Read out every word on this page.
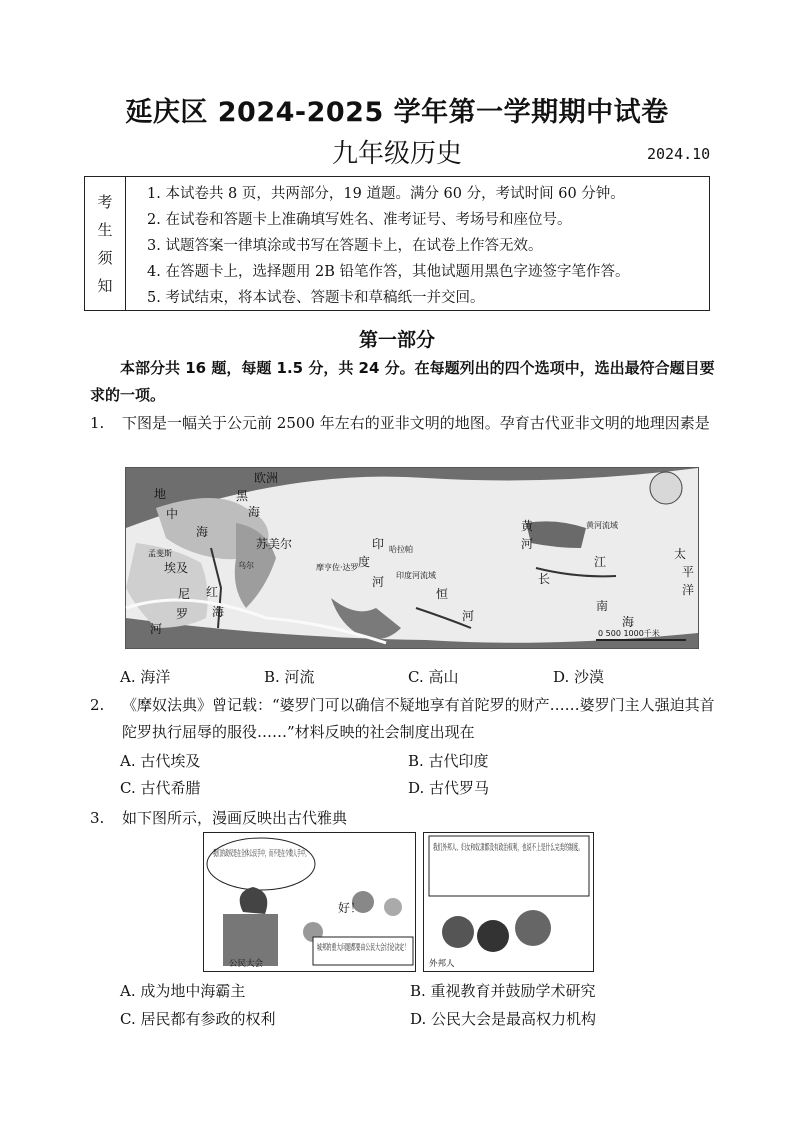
延庆区 2024-2025 学年第一学期期中试卷
九年级历史	2024.10
考
生
须
知
1. 本试卷共 8 页，共两部分，19 道题。满分 60 分，考试时间 60 分钟。
2. 在试卷和答题卡上准确填写姓名、准考证号、考场号和座位号。
3. 试题答案一律填涂或书写在答题卡上，在试卷上作答无效。
4. 在答题卡上，选择题用 2B 铅笔作答，其他试题用黑色字迹签字笔作答。
5. 考试结束，将本试卷、答题卡和草稿纸一并交回。
第一部分
本部分共 16 题，每题 1.5 分，共 24 分。在每题列出的四个选项中，选出最符合题目要求的一项。
1.	下图是一幅关于公元前 2500 年左右的亚非文明的地图。孕育古代亚非文明的地理因素是
欧洲
地
中
海
黑
海
孟斐斯
埃及
尼
罗
河
红
海
苏美尔
乌尔
印
度
河
恒
河
黄
河
黄河流域
长
江
太
平
洋
南
海
印度河流域
摩亨佐·达罗
哈拉帕
0 500 1000千米
A. 海洋	B. 河流	C. 高山	D. 沙漠
2.	《摩奴法典》曾记载：“婆罗门可以确信不疑地享有首陀罗的财产……婆罗门主人强迫其首陀罗执行屈辱的服役……”材料反映的社会制度出现在
A. 古代埃及	B. 古代印度
C. 古代希腊	D. 古代罗马
3.	如下图所示，漫画反映出古代雅典
好！
城邦的重大问题都要由公民大会讨论决定！
公民大会
我们外邦人、妇女和奴隶都没有政治权利，也说不上是什么完美的制度。
外邦人
A. 成为地中海霸主	B. 重视教育并鼓励学术研究
C. 居民都有参政的权利	D. 公民大会是最高权力机构
